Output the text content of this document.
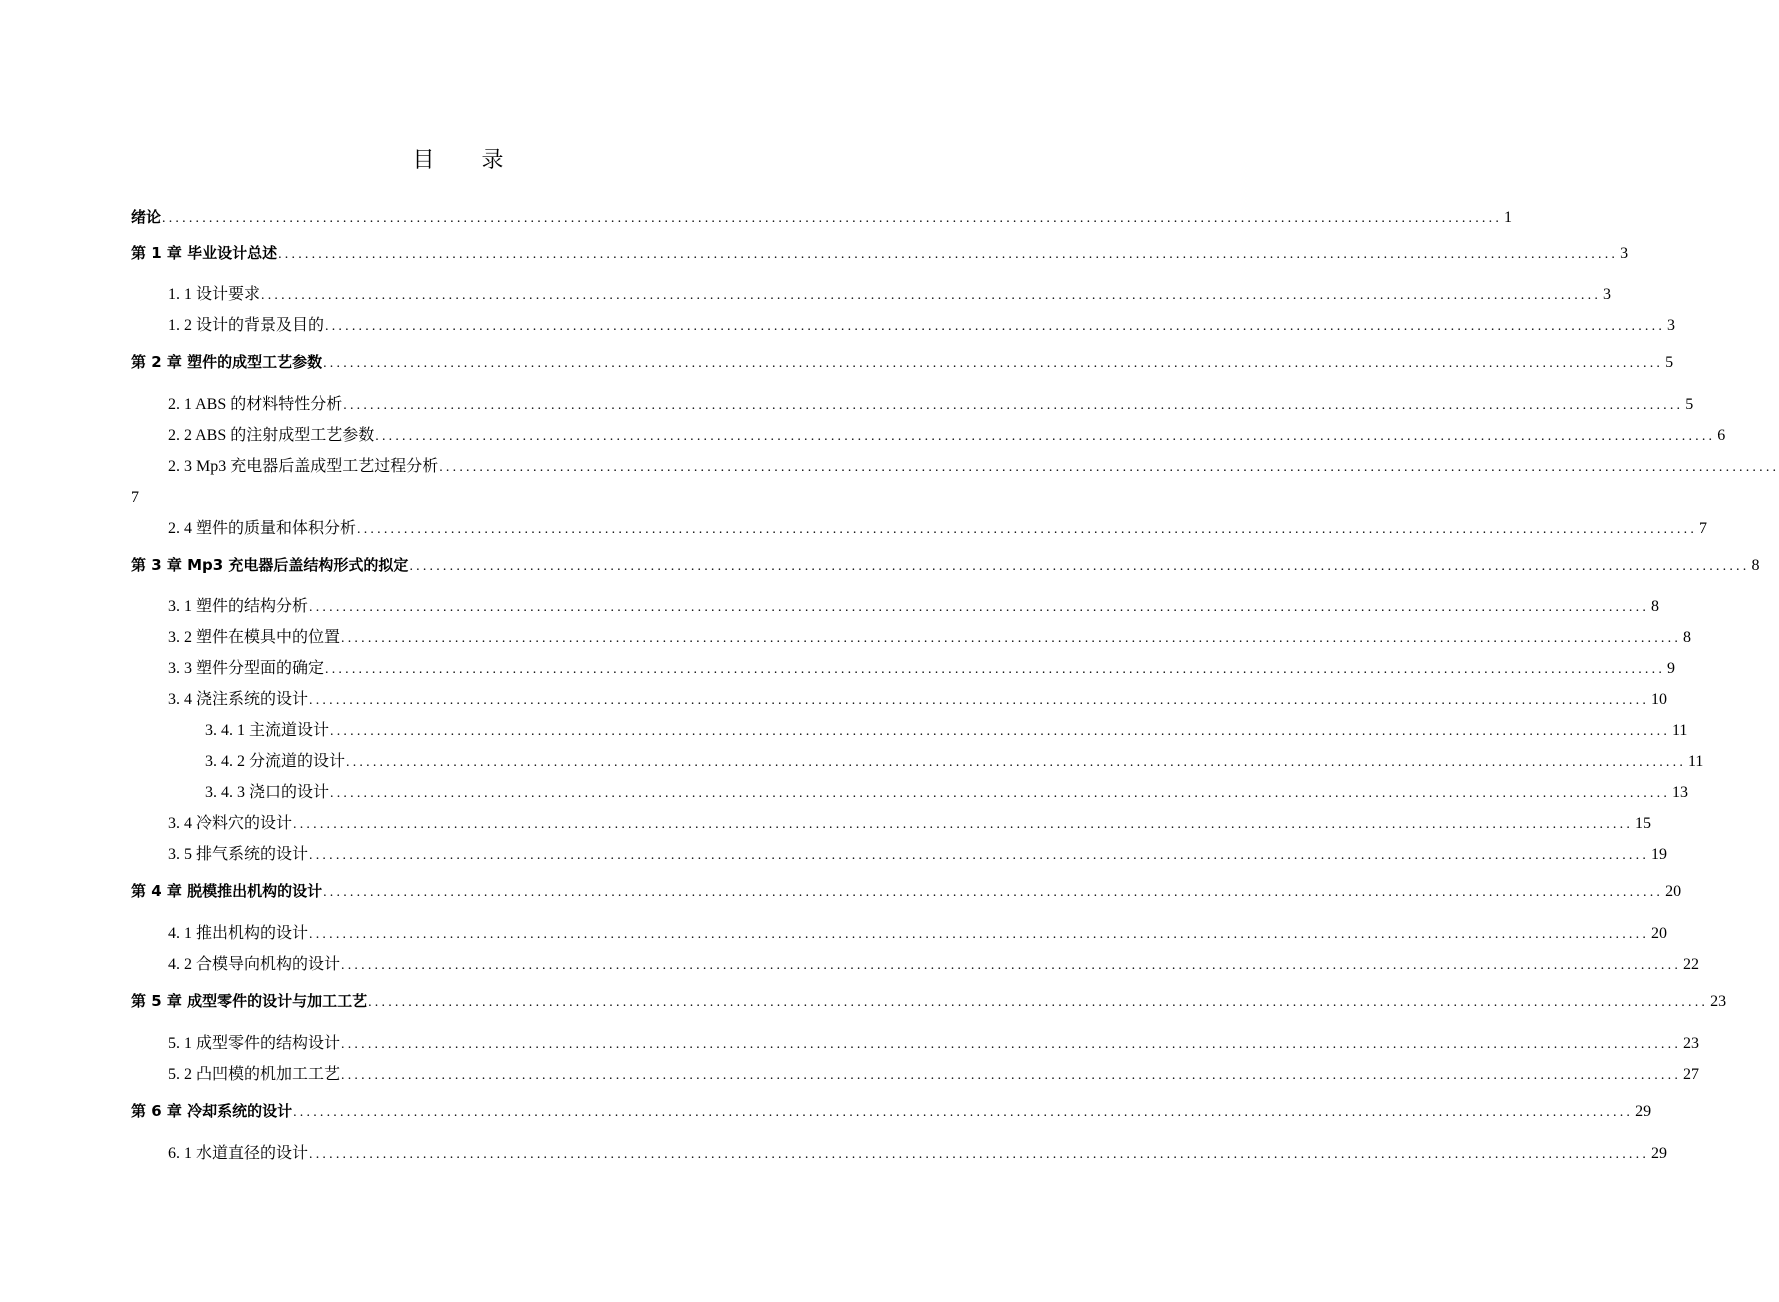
目 录
绪论 ........................................................................................................................................................................................................ 1
第 1 章 毕业设计总述 ........................................................................................................................................................................................................ 3
1. 1 设计要求 ........................................................................................................................................................................................................ 3
1. 2 设计的背景及目的 ........................................................................................................................................................................................................ 3
第 2 章 塑件的成型工艺参数 ........................................................................................................................................................................................................ 5
2. 1 ABS 的材料特性分析 ........................................................................................................................................................................................................ 5
2. 2 ABS 的注射成型工艺参数 ........................................................................................................................................................................................................ 6
7
2. 3 Mp3 充电器后盖成型工艺过程分析 ........................................................................................................................................................................................................
2. 4 塑件的质量和体积分析 ........................................................................................................................................................................................................ 7
第 3 章 Mp3 充电器后盖结构形式的拟定 ........................................................................................................................................................................................................ 8
3. 1 塑件的结构分析 ........................................................................................................................................................................................................ 8
3. 2 塑件在模具中的位置 ........................................................................................................................................................................................................ 8
3. 3 塑件分型面的确定 ........................................................................................................................................................................................................ 9
3. 4 浇注系统的设计 ........................................................................................................................................................................................................ 10
3. 4. 1 主流道设计 ........................................................................................................................................................................................................ 11
3. 4. 2 分流道的设计 ........................................................................................................................................................................................................ 11
3. 4. 3 浇口的设计 ........................................................................................................................................................................................................ 13
3. 4 冷料穴的设计 ........................................................................................................................................................................................................ 15
3. 5 排气系统的设计 ........................................................................................................................................................................................................ 19
第 4 章 脱模推出机构的设计 ........................................................................................................................................................................................................ 20
4. 1 推出机构的设计 ........................................................................................................................................................................................................ 20
4. 2 合模导向机构的设计 ........................................................................................................................................................................................................ 22
第 5 章 成型零件的设计与加工工艺 ........................................................................................................................................................................................................ 23
5. 1 成型零件的结构设计 ........................................................................................................................................................................................................ 23
5. 2 凸凹模的机加工工艺 ........................................................................................................................................................................................................ 27
第 6 章 冷却系统的设计 ........................................................................................................................................................................................................ 29
6. 1 水道直径的设计 ........................................................................................................................................................................................................ 29
